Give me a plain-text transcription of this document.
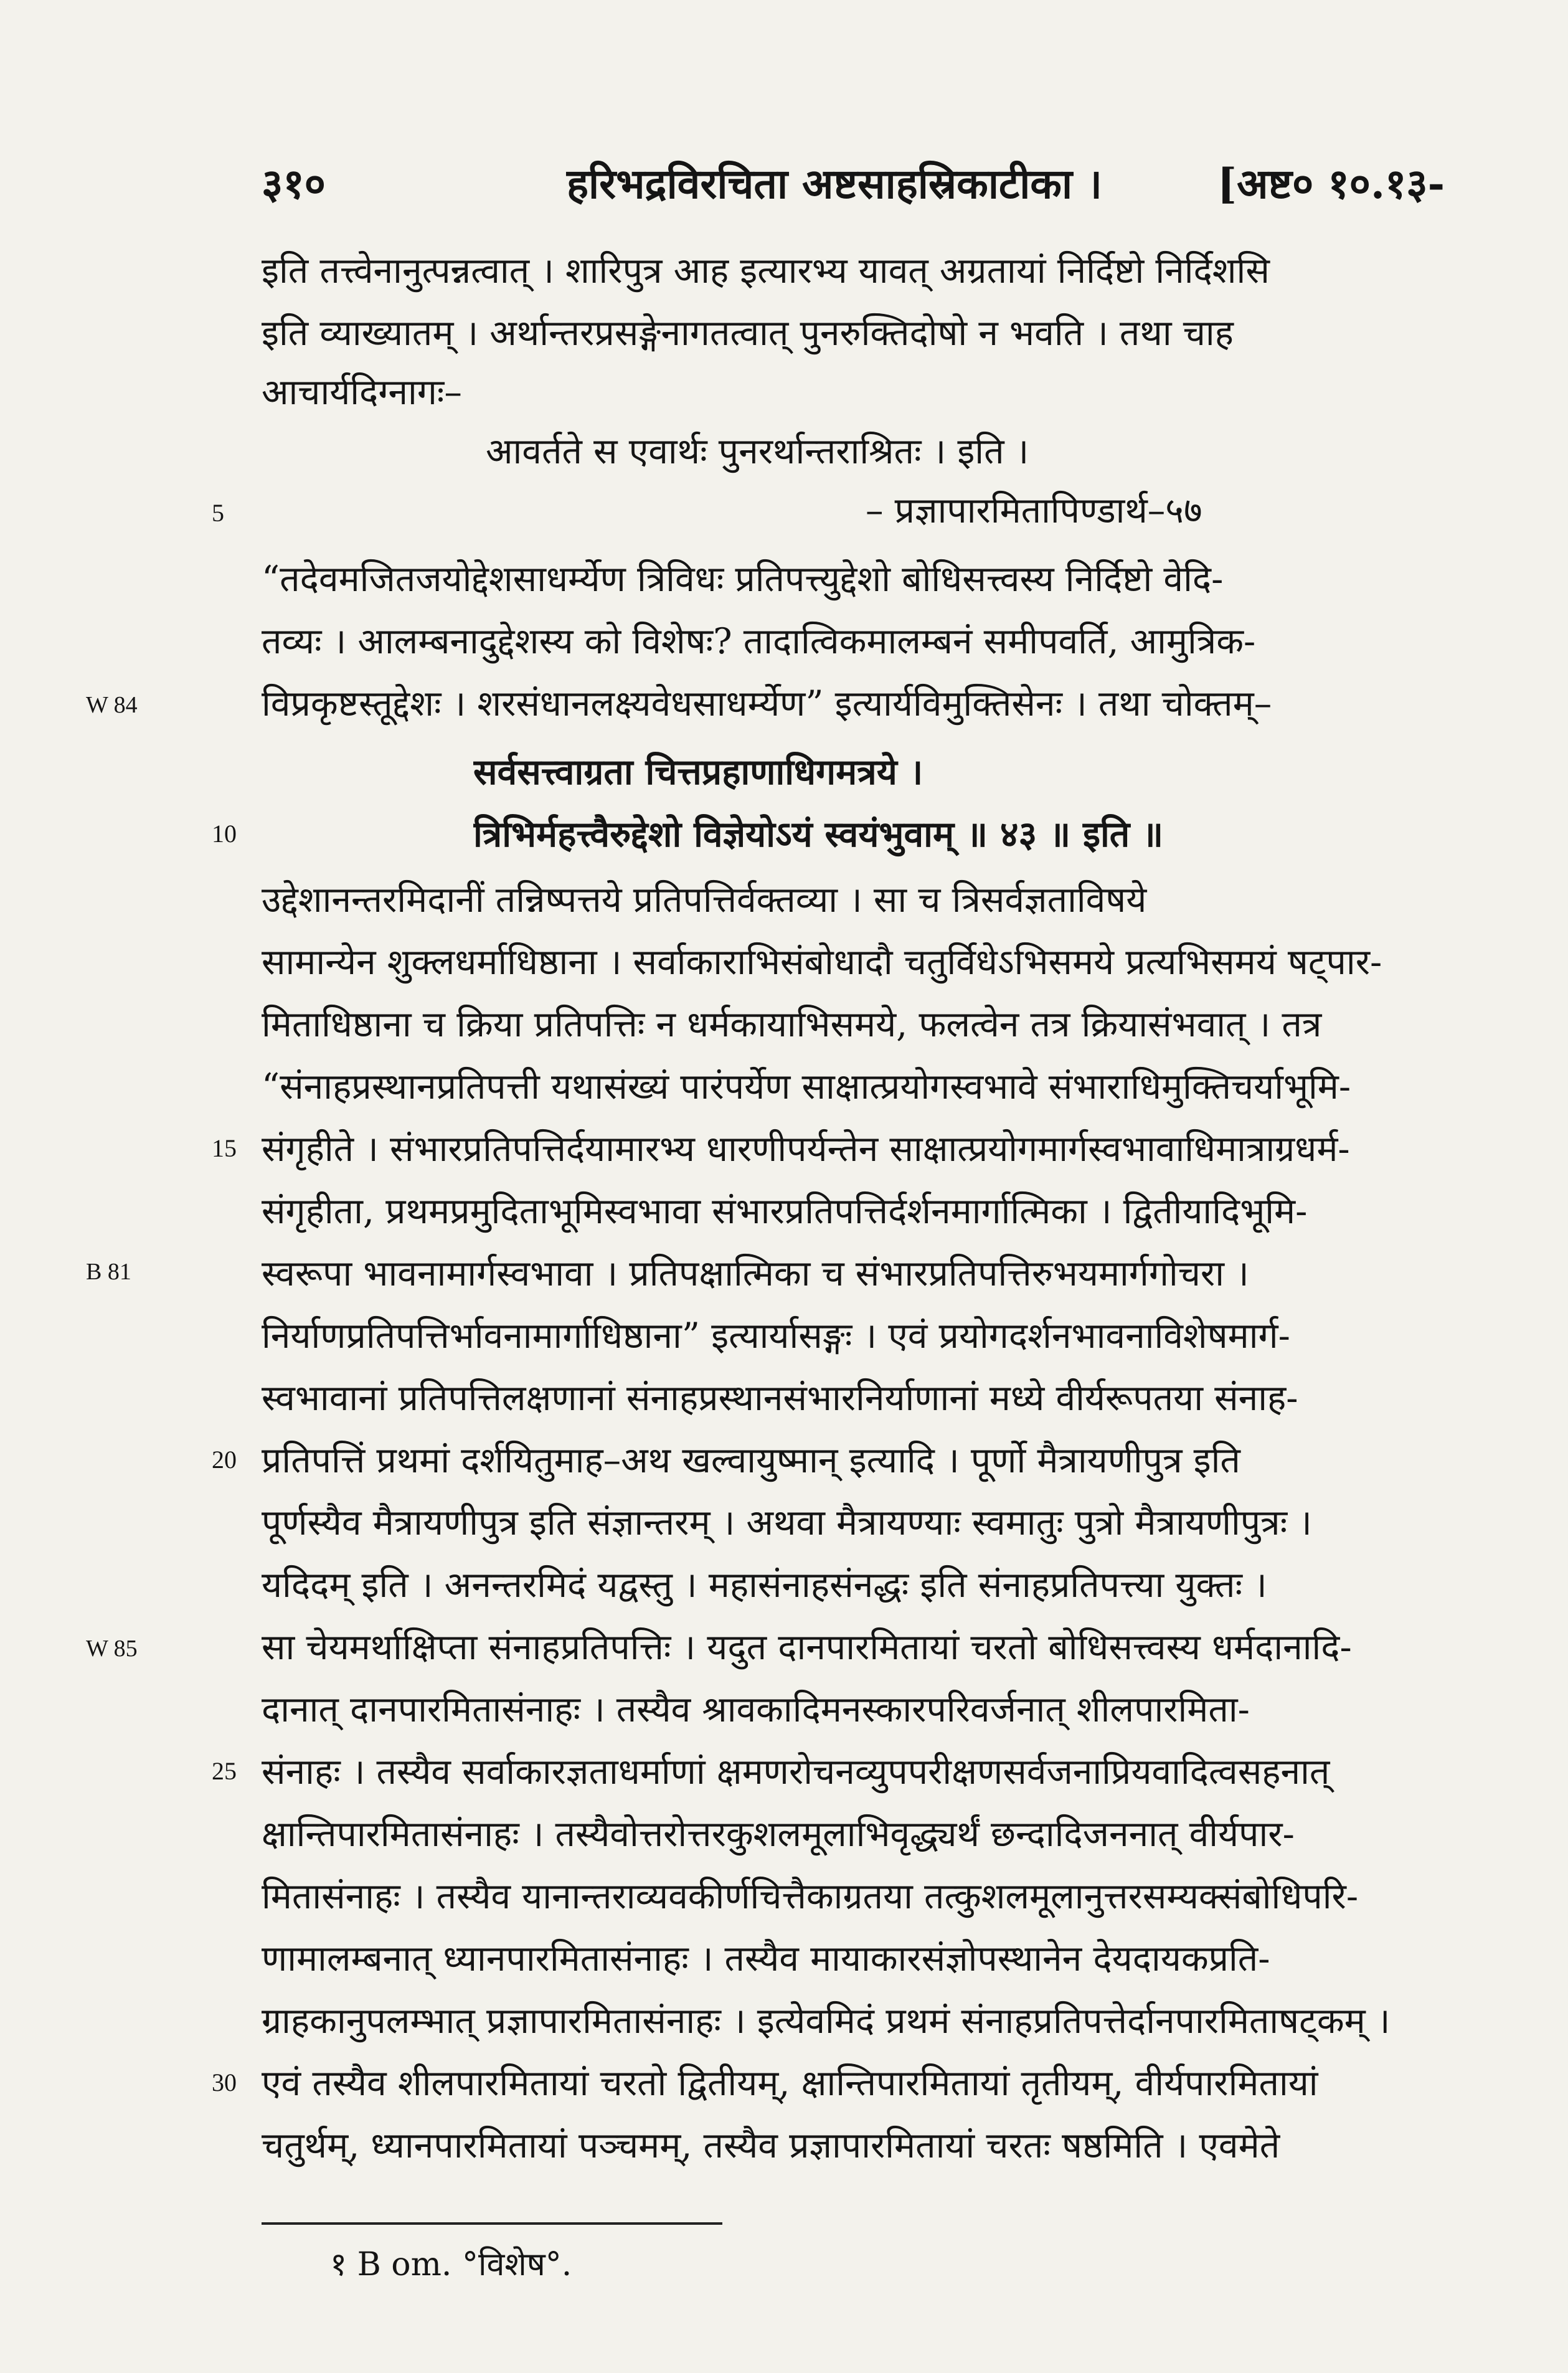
३१०	हरिभद्रविरचिता अष्टसाहस्रिकाटीका ।	[अष्ट० १०.१३-
इति तत्त्वेनानुत्पन्नत्वात् । शारिपुत्र आह इत्यारभ्य यावत् अग्रतायां निर्दिष्टो निर्दिशसि
इति व्याख्यातम् । अर्थान्तरप्रसङ्गेनागतत्वात् पुनरुक्तिदोषो न भवति । तथा चाह
आचार्यदिग्नागः–
आवर्तते स एवार्थः पुनरर्थान्तराश्रितः । इति ।
– प्रज्ञापारमितापिण्डार्थ–५७
“तदेवमजितजयोद्देशसाधर्म्येण त्रिविधः प्रतिपत्त्युद्देशो बोधिसत्त्वस्य निर्दिष्टो वेदि-
तव्यः । आलम्बनादुद्देशस्य को विशेषः? तादात्विकमालम्बनं समीपवर्ति, आमुत्रिक-
विप्रकृष्टस्तूद्देशः । शरसंधानलक्ष्यवेधसाधर्म्येण” इत्यार्यविमुक्तिसेनः । तथा चोक्तम्–
सर्वसत्त्वाग्रता चित्तप्रहाणाधिगमत्रये ।
त्रिभिर्महत्त्वैरुद्देशो विज्ञेयोऽयं स्वयंभुवाम् ॥ ४३ ॥ इति ॥
उद्देशानन्तरमिदानीं तन्निष्पत्तये प्रतिपत्तिर्वक्तव्या । सा च त्रिसर्वज्ञताविषये
सामान्येन शुक्लधर्माधिष्ठाना । सर्वाकाराभिसंबोधादौ चतुर्विधेऽभिसमये प्रत्यभिसमयं षट्पार-
मिताधिष्ठाना च क्रिया प्रतिपत्तिः न धर्मकायाभिसमये, फलत्वेन तत्र क्रियासंभवात् । तत्र
“संनाहप्रस्थानप्रतिपत्ती यथासंख्यं पारंपर्येण साक्षात्प्रयोगस्वभावे संभाराधिमुक्तिचर्याभूमि-
संगृहीते । संभारप्रतिपत्तिर्दयामारभ्य धारणीपर्यन्तेन साक्षात्प्रयोगमार्गस्वभावाधिमात्राग्रधर्म-
संगृहीता, प्रथमप्रमुदिताभूमिस्वभावा संभारप्रतिपत्तिर्दर्शनमार्गात्मिका । द्वितीयादिभूमि-
स्वरूपा भावनामार्गस्वभावा । प्रतिपक्षात्मिका च संभारप्रतिपत्तिरुभयमार्गगोचरा ।
निर्याणप्रतिपत्तिर्भावनामार्गाधिष्ठाना” इत्यार्यासङ्गः । एवं प्रयोगदर्शनभावनाविशेषमार्ग-
स्वभावानां प्रतिपत्तिलक्षणानां संनाहप्रस्थानसंभारनिर्याणानां मध्ये वीर्यरूपतया संनाह-
प्रतिपत्तिं प्रथमां दर्शयितुमाह–अथ खल्वायुष्मान् इत्यादि । पूर्णो मैत्रायणीपुत्र इति
पूर्णस्यैव मैत्रायणीपुत्र इति संज्ञान्तरम् । अथवा मैत्रायण्याः स्वमातुः पुत्रो मैत्रायणीपुत्रः ।
यदिदम् इति । अनन्तरमिदं यद्वस्तु । महासंनाहसंनद्धः इति संनाहप्रतिपत्त्या युक्तः ।
सा चेयमर्थाक्षिप्ता संनाहप्रतिपत्तिः । यदुत दानपारमितायां चरतो बोधिसत्त्वस्य धर्मदानादि-
दानात् दानपारमितासंनाहः । तस्यैव श्रावकादिमनस्कारपरिवर्जनात् शीलपारमिता-
संनाहः । तस्यैव सर्वाकारज्ञताधर्माणां क्षमणरोचनव्युपपरीक्षणसर्वजनाप्रियवादित्वसहनात्
क्षान्तिपारमितासंनाहः । तस्यैवोत्तरोत्तरकुशलमूलाभिवृद्ध्यर्थं छन्दादिजननात् वीर्यपार-
मितासंनाहः । तस्यैव यानान्तराव्यवकीर्णचित्तैकाग्रतया तत्कुशलमूलानुत्तरसम्यक्संबोधिपरि-
णामालम्बनात् ध्यानपारमितासंनाहः । तस्यैव मायाकारसंज्ञोपस्थानेन देयदायकप्रति-
ग्राहकानुपलम्भात् प्रज्ञापारमितासंनाहः । इत्येवमिदं प्रथमं संनाहप्रतिपत्तेर्दानपारमिताषट्कम् ।
एवं तस्यैव शीलपारमितायां चरतो द्वितीयम्, क्षान्तिपारमितायां तृतीयम्, वीर्यपारमितायां
चतुर्थम्, ध्यानपारमितायां पञ्चमम्, तस्यैव प्रज्ञापारमितायां चरतः षष्ठमिति । एवमेते
5
10
15
20
25
30
W 84
B 81
W 85
१ B om. °विशेष°.
